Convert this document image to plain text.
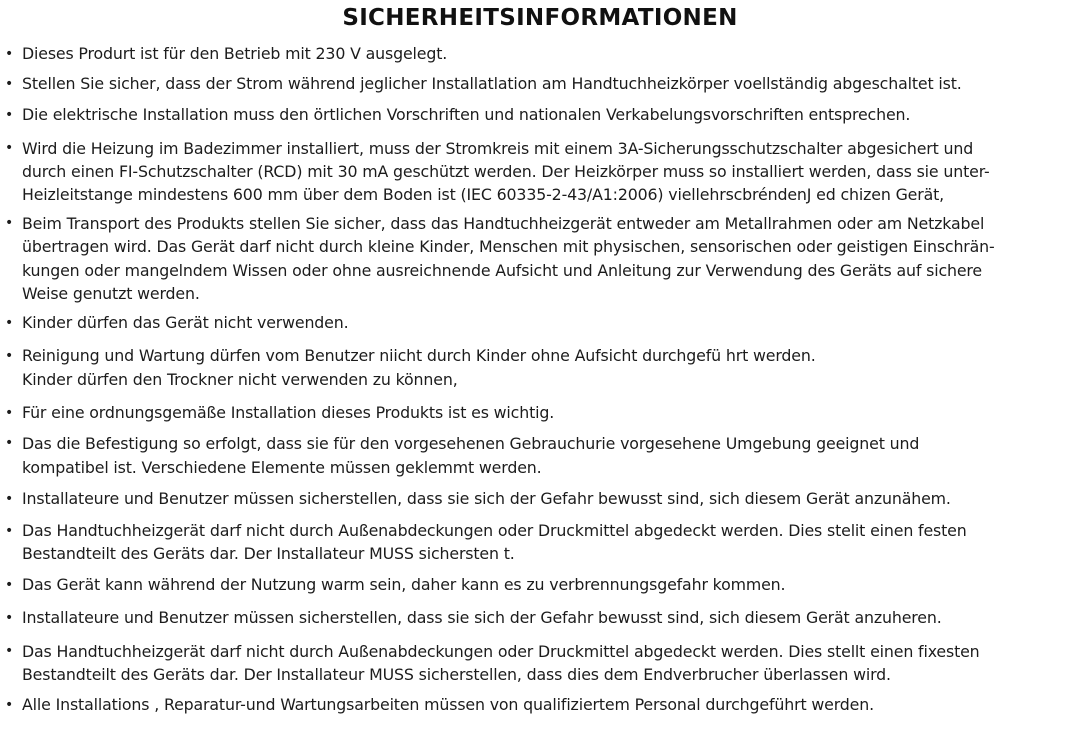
SICHERHEITSINFORMATIONEN
• Dieses Produrt ist für den Betrieb mit 230 V ausgelegt.
• Stellen Sie sicher, dass der Strom während jeglicher Installatlation am Handtuchheizkörper voellständig abgeschaltet ist.
• Die elektrische Installation muss den örtlichen Vorschriften und nationalen Verkabelungsvorschriften entsprechen.
• Wird die Heizung im Badezimmer installiert, muss der Stromkreis mit einem 3A-Sicherungsschutzschalter abgesichert und
durch einen FI-Schutzschalter (RCD) mit 30 mA geschützt werden. Der Heizkörper muss so installiert werden, dass sie unter-
Heizleitstange mindestens 600 mm über dem Boden ist (IEC 60335-2-43/A1:2006) viellehrscbréndenJ ed chizen Gerät,
• Beim Transport des Produkts stellen Sie sicher, dass das Handtuchheizgerät entweder am Metallrahmen oder am Netzkabel
übertragen wird. Das Gerät darf nicht durch kleine Kinder, Menschen mit physischen, sensorischen oder geistigen Einschrän-
kungen oder mangelndem Wissen oder ohne ausreichnende Aufsicht und Anleitung zur Verwendung des Geräts auf sichere
Weise genutzt werden.
• Kinder dürfen das Gerät nicht verwenden.
• Reinigung und Wartung dürfen vom Benutzer niicht durch Kinder ohne Aufsicht durchgefü hrt werden.
Kinder dürfen den Trockner nicht verwenden zu können,
• Für eine ordnungsgemäße Installation dieses Produkts ist es wichtig.
• Das die Befestigung so erfolgt, dass sie für den vorgesehenen Gebrauchurie vorgesehene Umgebung geeignet und
kompatibel ist. Verschiedene Elemente müssen geklemmt werden.
• Installateure und Benutzer müssen sicherstellen, dass sie sich der Gefahr bewusst sind, sich diesem Gerät anzunähem.
• Das Handtuchheizgerät darf nicht durch Außenabdeckungen oder Druckmittel abgedeckt werden. Dies stelit einen festen
Bestandteilt des Geräts dar. Der Installateur MUSS sichersten t.
• Das Gerät kann während der Nutzung warm sein, daher kann es zu verbrennungsgefahr kommen.
• Installateure und Benutzer müssen sicherstellen, dass sie sich der Gefahr bewusst sind, sich diesem Gerät anzuheren.
• Das Handtuchheizgerät darf nicht durch Außenabdeckungen oder Druckmittel abgedeckt werden. Dies stellt einen fixesten
Bestandteilt des Geräts dar. Der Installateur MUSS sicherstellen, dass dies dem Endverbrucher überlassen wird.
• Alle Installations , Reparatur-und Wartungsarbeiten müssen von qualifiziertem Personal durchgeführt werden.
